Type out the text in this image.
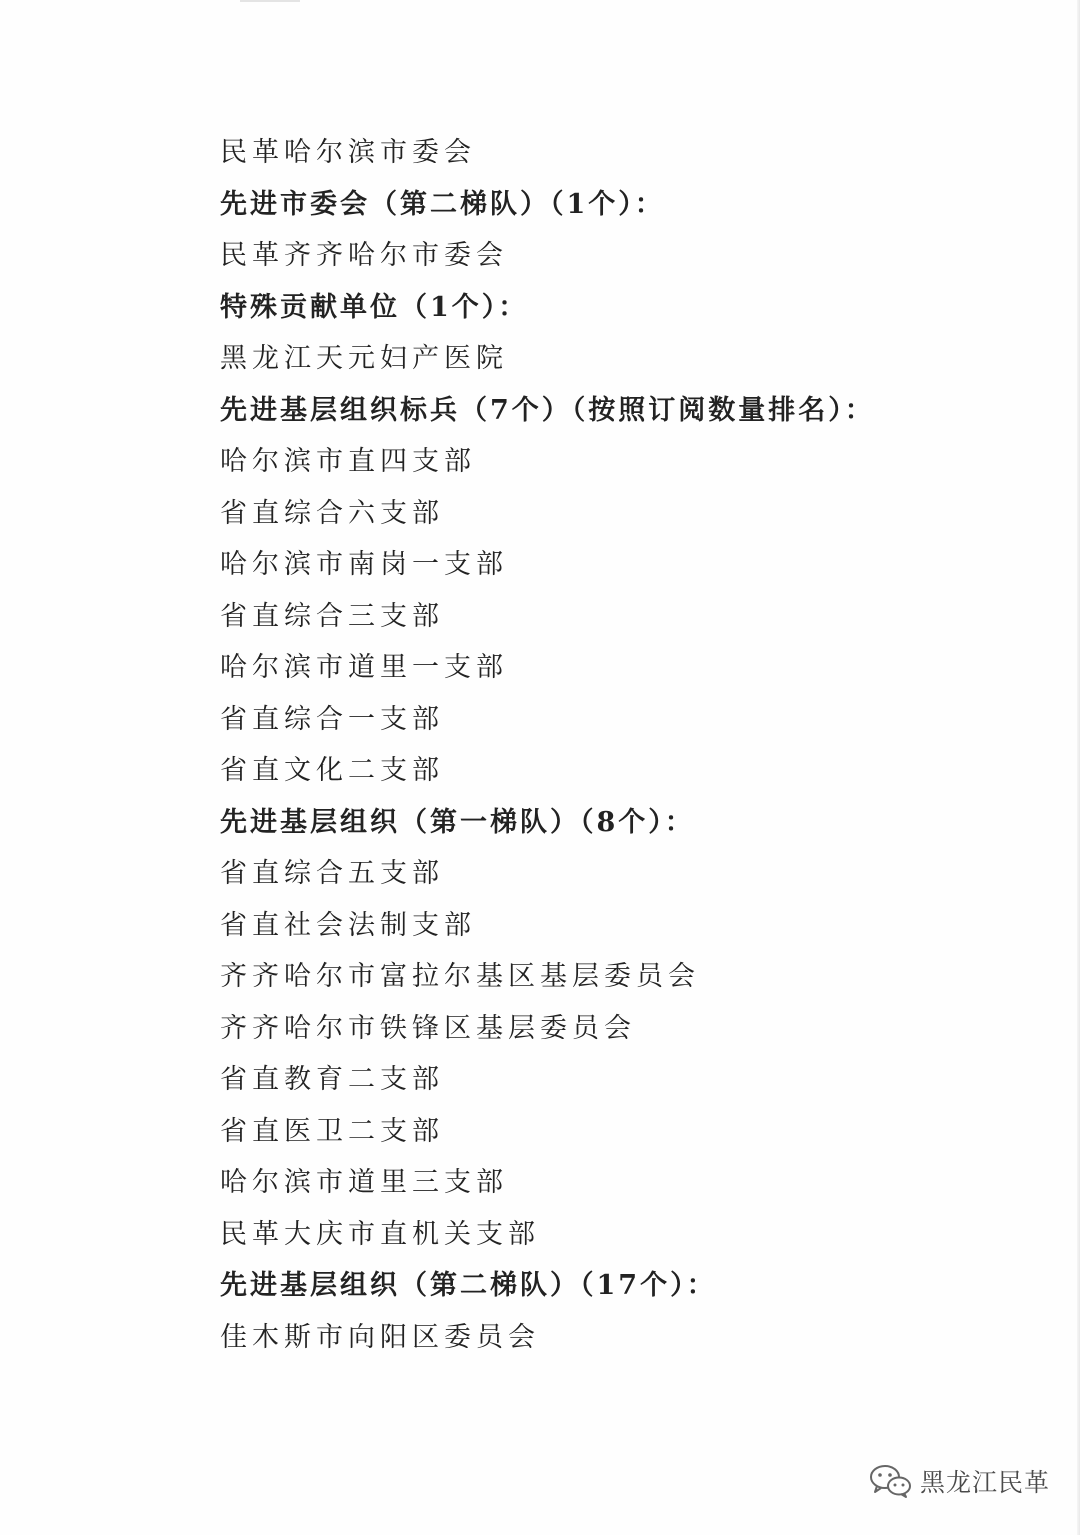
民革哈尔滨市委会
先进市委会（第二梯队）（1个）：
民革齐齐哈尔市委会
特殊贡献单位（1个）：
黑龙江天元妇产医院
先进基层组织标兵（7个）（按照订阅数量排名）：
哈尔滨市直四支部
省直综合六支部
哈尔滨市南岗一支部
省直综合三支部
哈尔滨市道里一支部
省直综合一支部
省直文化二支部
先进基层组织（第一梯队）（8个）：
省直综合五支部
省直社会法制支部
齐齐哈尔市富拉尔基区基层委员会
齐齐哈尔市铁锋区基层委员会
省直教育二支部
省直医卫二支部
哈尔滨市道里三支部
民革大庆市直机关支部
先进基层组织（第二梯队）（17个）：
佳木斯市向阳区委员会
黑龙江民革
